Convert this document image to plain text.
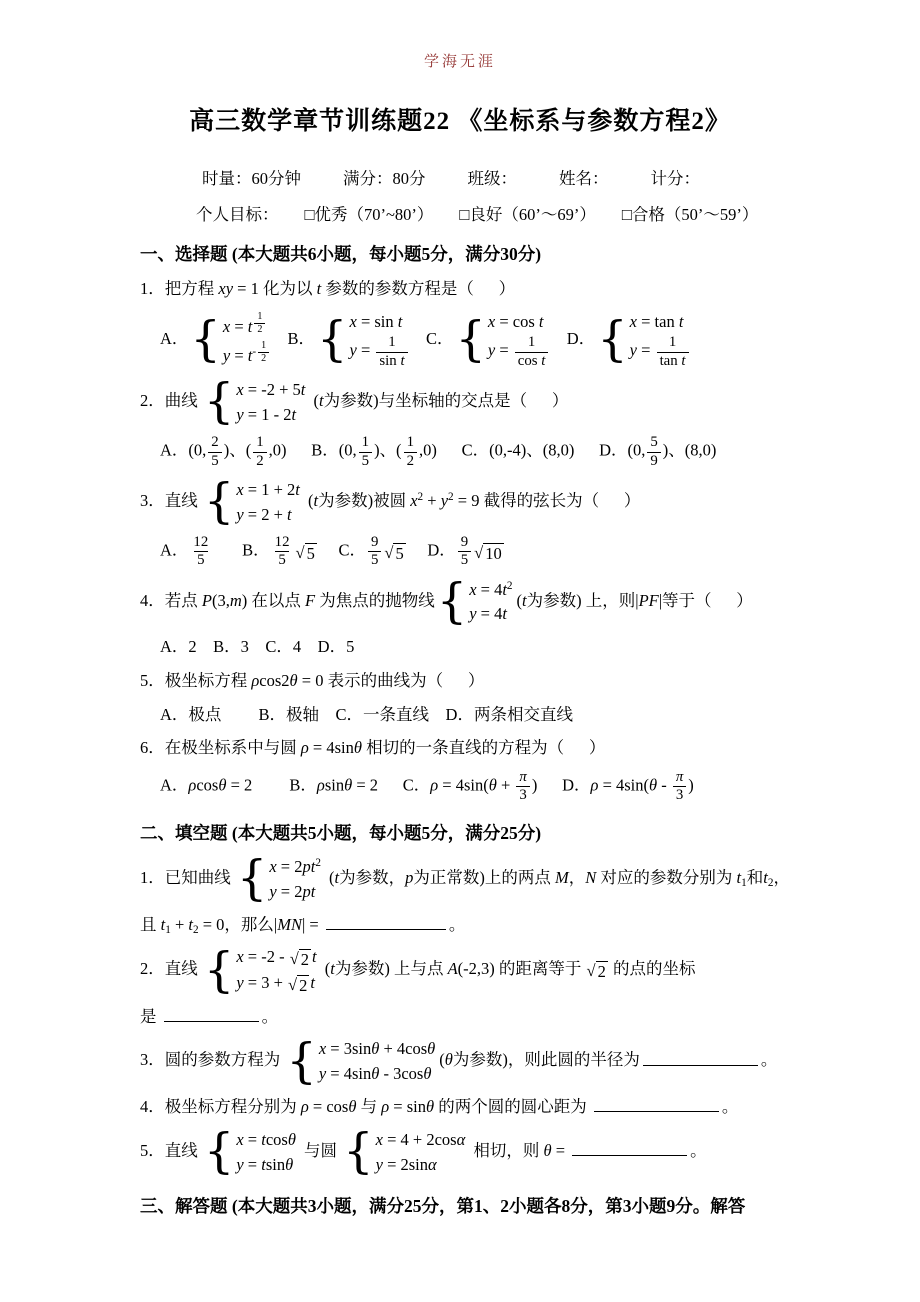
学海无涯
高三数学章节训练题22 《坐标系与参数方程2》
时量：60分钟	满分：80分	班级：	姓名：	计分：
个人目标： □优秀（70’~80’） □良好（60’～69’） □合格（50’～59’）
一、选择题 (本大题共6小题，每小题5分，满分30分)
1．把方程 xy = 1 化为以 t 参数的参数方程是（      ）
A． { x = t $^{\frac{1}{2}}$
$y = t^{- \frac{1}{2}}$
B． { x = sin t
$y = \frac{1}{\text{sin t}}$ C． { x = cos t
$y = \frac{1}{\text{cos t}}$ D． { x = tan t
$y = \frac{1}{\text{tan t}}$
2．曲线 { x = -2 + 5t
y = 1 - 2t
(t为参数)与坐标轴的交点是（      ）
A．(0, $\frac{2}{5}$ )、( $\frac{1}{2} ,0$)      B．(0, $\frac{1}{5}$ )、( $\frac{1}{2} ,0$)      C．(0,-4)、(8,0)      D．(0, $\frac{5}{9}$ )、(8,0)
3．直线 { x = 1 + 2t
y = 2 + t
(t为参数)被圆 $x^2 + y^2 = 9$ 截得的弦长为（      ）
A． $\frac{12}{5}$ B． $\frac{12}{5}$ √ 5 C． $\frac{9}{5}$ √ 5 D． $\frac{9}{5}$ √ 10
4．若点 P(3,m) 在以点 F 为焦点的抛物线 { $x = 4t^2$
y = 4t
(t为参数) 上，则|PF|等于（      ）
A．2    B．3    C．4    D．5
5．极坐标方程 ρcos2θ = 0 表示的曲线为（      ）
A．极点         B．极轴    C．一条直线    D．两条相交直线
6．在极坐标系中与圆 ρ = 4sinθ 相切的一条直线的方程为（      ）
A．ρcosθ = 2         B．ρsinθ = 2      C．$\rho = 4\sin(\theta + \frac{\pi}{3}$ )      D．$\rho = 4\sin(\theta - \frac{\pi}{3}$ )
二、填空题 (本大题共5小题，每小题5分，满分25分)
1．已知曲线 { $x = 2pt^2$
y = 2pt
(t为参数，p为正常数)上的两点 M，N 对应的参数分别为 t1和t2，
且 t1 + t2 = 0，那么|MN| =	。
2．直线 { x = -2 - √ 2 t
y = 3 + √ 2 t
(t为参数) 上与点 A(-2,3) 的距离等于 √ 2 的点的坐标
是	。
3．圆的参数方程为 { x = 3sinθ + 4cosθ
y = 4sinθ - 3cosθ
(θ为参数)，则此圆的半径为	。
4．极坐标方程分别为 ρ = cosθ 与 ρ = sinθ 的两个圆的圆心距为	。
5．直线 { x = tcosθ
y = tsinθ
与圆 { x = 4 + 2cosα
y = 2sinα
相切，则 θ =	。
三、解答题 (本大题共3小题，满分25分，第1、2小题各8分，第3小题9分。解答
